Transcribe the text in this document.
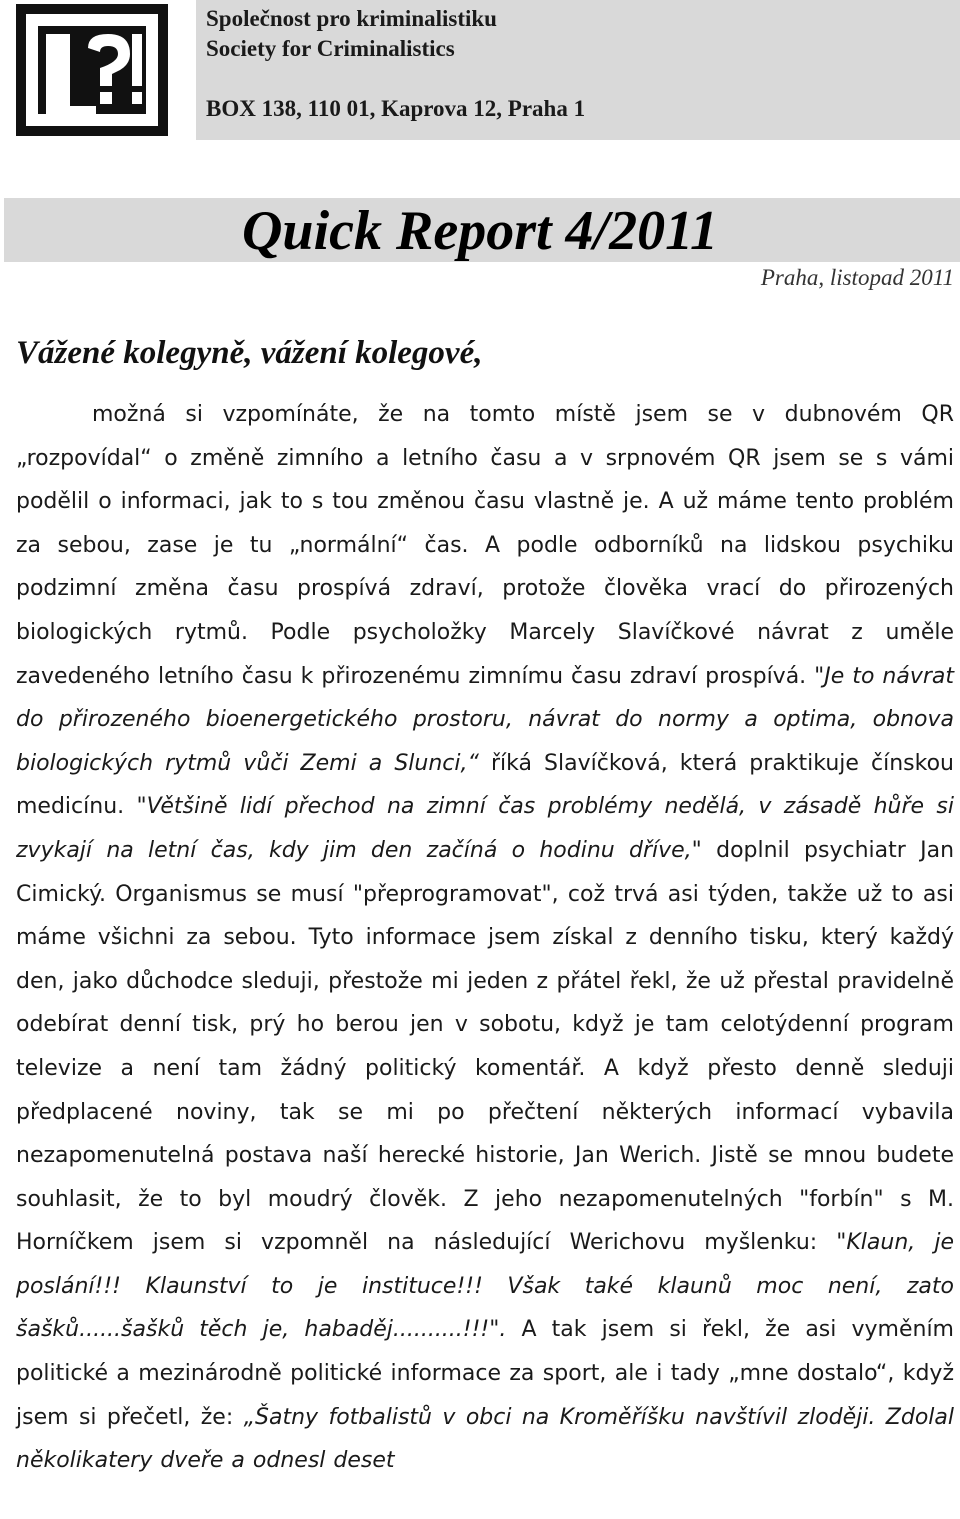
Společnost pro kriminalistiku
Society for Criminalistics
BOX 138, 110 01, Kaprova 12, Praha 1
Quick Report 4/2011
Praha, listopad 2011
Vážené kolegyně, vážení kolegové,

možná si vzpomínáte, že na tomto místě jsem se v dubnovém QR „rozpovídal“ o změně zimního a letního času a v srpnovém QR jsem se s vámi podělil o informaci, jak to s tou změnou času vlastně je. A už máme tento problém za sebou, zase je tu „normální“ čas. A podle odborníků na lidskou psychiku podzimní změna času prospívá zdraví, protože člověka vrací do přirozených biologických rytmů. Podle psycholožky Marcely Slavíčkové návrat z uměle zavedeného letního času k přirozenému zimnímu času zdraví prospívá. "Je to návrat do přirozeného bioenergetického prostoru, návrat do normy a optima, obnova biologických rytmů vůči Zemi a Slunci,“ říká Slavíčková, která praktikuje čínskou medicínu. "Většině lidí přechod na zimní čas problémy nedělá, v zásadě hůře si zvykají na letní čas, kdy jim den začíná o hodinu dříve," doplnil psychiatr Jan Cimický. Organismus se musí "přeprogramovat", což trvá asi týden, takže už to asi máme všichni za sebou. Tyto informace jsem získal z denního tisku, který každý den, jako důchodce sleduji, přestože mi jeden z přátel řekl, že už přestal pravidelně odebírat denní tisk, prý ho berou jen v sobotu, když je tam celotýdenní program televize a není tam žádný politický komentář. A když přesto denně sleduji předplacené noviny, tak se mi po přečtení některých informací vybavila nezapomenutelná postava naší herecké historie, Jan Werich. Jistě se mnou budete souhlasit, že to byl moudrý člověk. Z jeho nezapomenutelných "forbín" s M. Horníčkem jsem si vzpomněl na následující Werichovu myšlenku: "Klaun, je poslání!!! Klaunství to je instituce!!! Však také klaunů moc není, zato šašků......šašků těch je, habaděj..........!!!". A tak jsem si řekl, že asi vyměním politické a mezinárodně politické informace za sport, ale i tady „mne dostalo“, když jsem si přečetl, že: „Šatny fotbalistů v obci na Kroměříšku navštívil zloději. Zdolal několikatery dveře a odnesl deset
